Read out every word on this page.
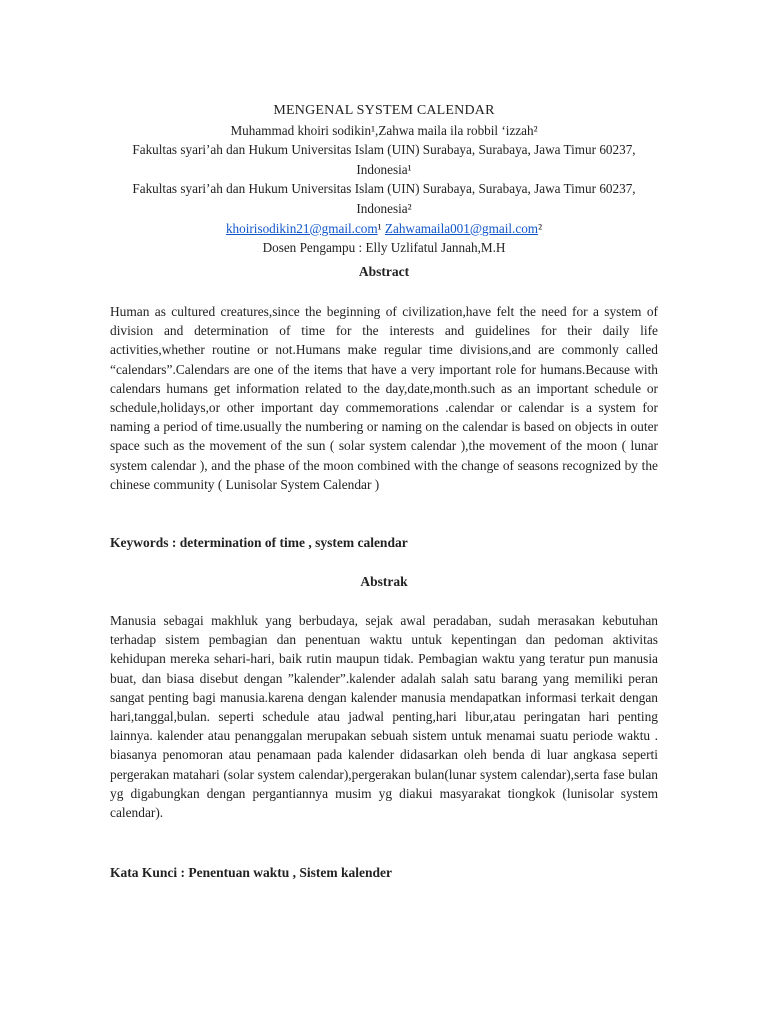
MENGENAL SYSTEM CALENDAR
Muhammad khoiri sodikin¹,Zahwa maila ila robbil ‘izzah²
Fakultas syari’ah dan Hukum Universitas Islam (UIN) Surabaya, Surabaya, Jawa Timur 60237,
Indonesia¹
Fakultas syari’ah dan Hukum Universitas Islam (UIN) Surabaya, Surabaya, Jawa Timur 60237,
Indonesia²
khoirisodikin21@gmail.com¹ Zahwamaila001@gmail.com²
Dosen Pengampu : Elly Uzlifatul Jannah,M.H
Abstract
Human as cultured creatures,since the beginning of civilization,have felt the need for a system of division and determination of time for the interests and guidelines for their daily life activities,whether routine or not.Humans make regular time divisions,and are commonly called “calendars”.Calendars are one of the items that have a very important role for humans.Because with calendars humans get information related to the day,date,month.such as an important schedule or schedule,holidays,or other important day commemorations .calendar or calendar is a system for naming a period of time.usually the numbering or naming on the calendar is based on objects in outer space such as the movement of the sun ( solar system calendar ),the movement of the moon ( lunar system calendar ), and the phase of the moon combined with the change of seasons recognized by the chinese community ( Lunisolar System Calendar )
Keywords : determination of time , system calendar
Abstrak
Manusia sebagai makhluk yang berbudaya, sejak awal peradaban, sudah merasakan kebutuhan terhadap sistem pembagian dan penentuan waktu untuk kepentingan dan pedoman aktivitas kehidupan mereka sehari-hari, baik rutin maupun tidak. Pembagian waktu yang teratur pun manusia buat, dan biasa disebut dengan ”kalender”.kalender adalah salah satu barang yang memiliki peran sangat penting bagi manusia.karena dengan kalender manusia mendapatkan informasi terkait dengan hari,tanggal,bulan. seperti schedule atau jadwal penting,hari libur,atau peringatan hari penting lainnya. kalender atau penanggalan merupakan sebuah sistem untuk menamai suatu periode waktu . biasanya penomoran atau penamaan pada kalender didasarkan oleh benda di luar angkasa seperti pergerakan matahari (solar system calendar),pergerakan bulan(lunar system calendar),serta fase bulan yg digabungkan dengan pergantiannya musim yg diakui masyarakat tiongkok (lunisolar system calendar).
Kata Kunci : Penentuan waktu , Sistem kalender
